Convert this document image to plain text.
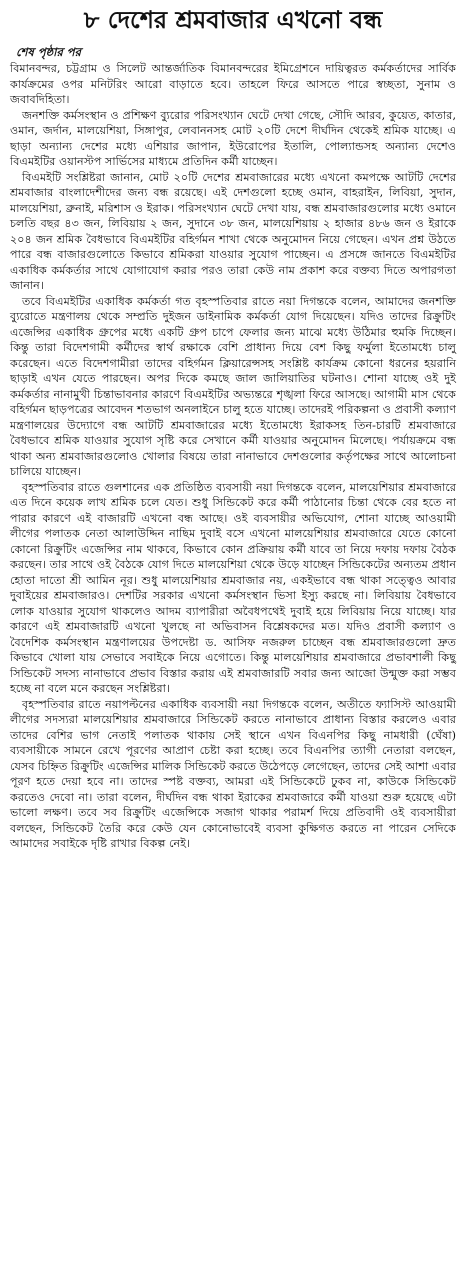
৮ দেশের শ্রমবাজার এখনো বন্ধ
শেষ পৃষ্ঠার পর

বিমানবন্দর, চট্টগ্রাম ও সিলেট আন্তর্জাতিক বিমানবন্দরের ইমিগ্রেশনে দায়িত্বরত কর্মকর্তাদের সার্বিক কার্যক্রমের ওপর মনিটরিং আরো বাড়াতে হবে। তাহলে ফিরে আসতে পারে স্বচ্ছতা, সুনাম ও জবাবদিহিতা।

জনশক্তি কর্মসংস্থান ও প্রশিক্ষণ ব্যুরোর পরিসংখ্যান ঘেটে দেখা গেছে, সৌদি আরব, কুয়েত, কাতার, ওমান, জর্দান, মালয়েশিয়া, সিঙ্গাপুর, লেবাননসহ মোট ২০টি দেশে দীর্ঘদিন থেকেই শ্রমিক যাচ্ছে। এ ছাড়া অন্যান্য দেশের মধ্যে এশিয়ার জাপান, ইউরোপের ইতালি, পোল্যান্ডসহ অন্যান্য দেশেও বিএমইটির ওয়ানস্টপ সার্ভিসের মাধ্যমে প্রতিদিন কর্মী যাচ্ছেন।

বিএমইটি সংশ্লিষ্টরা জানান, মোট ২০টি দেশের শ্রমবাজারের মধ্যে এখনো কমপক্ষে আটটি দেশের শ্রমবাজার বাংলাদেশীদের জন্য বন্ধ রয়েছে। এই দেশগুলো হচ্ছে ওমান, বাহরাইন, লিবিয়া, সুদান, মালয়েশিয়া, ব্রুনাই, মরিশাস ও ইরাক। পরিসংখ্যান ঘেটে দেখা যায়, বন্ধ শ্রমবাজারগুলোর মধ্যে ওমানে চলতি বছর ৪৩ জন, লিবিয়ায় ২ জন, সুদানে ৩৮ জন, মালয়েশিয়ায় ২ হাজার ৪৮৬ জন ও ইরাকে ২০৪ জন শ্রমিক বৈধভাবে বিএমইটির বহির্গমন শাখা থেকে অনুমোদন নিয়ে গেছেন। এখন প্রশ্ন উঠতে পারে বন্ধ বাজারগুলোতে কিভাবে শ্রমিকরা যাওয়ার সুযোগ পাচ্ছেন। এ প্রসঙ্গে জানতে বিএমইটির একাধিক কর্মকর্তার সাথে যোগাযোগ করার পরও তারা কেউ নাম প্রকাশ করে বক্তব্য দিতে অপারগতা জানান।

তবে বিএমইটির একাধিক কর্মকর্তা গত বৃহস্পতিবার রাতে নয়া দিগন্তকে বলেন, আমাদের জনশক্তি ব্যুরোতে মন্ত্রণালয় থেকে সম্প্রতি দুইজন ডাইনামিক কর্মকর্তা যোগ দিয়েছেন। যদিও তাদের রিক্রুটিং এজেন্সির একাধিক গ্রুপের মধ্যে একটি গ্রুপ চাপে ফেলার জন্য মাঝে মধ্যে উঠিমার হুমকি দিচ্ছেন। কিন্তু তারা বিদেশগামী কর্মীদের স্বার্থ রক্ষাকে বেশি প্রাধান্য দিয়ে বেশ কিছু ফর্মুলা ইতোমধ্যে চালু করেছেন। এতে বিদেশগামীরা তাদের বহির্গমন ক্লিয়ারেন্সসহ সংশ্লিষ্ট কার্যক্রম কোনো ধরনের হয়রানি ছাড়াই এখন যেতে পারছেন। অপর দিকে কমছে জাল জালিয়াতির ঘটনাও। শোনা যাচ্ছে ওই দুই কর্মকর্তার নানামুখী চিন্তাভাবনার কারণে বিএমইটির অভ্যন্তরে শৃঙ্খলা ফিরে আসছে। আগামী মাস থেকে বহির্গমন ছাড়পত্রের আবেদন শতভাগ অনলাইনে চালু হতে যাচ্ছে। তাদেরই পরিকল্পনা ও প্রবাসী কল্যাণ মন্ত্রণালয়ের উদ্যোগে বন্ধ আটটি শ্রমবাজারের মধ্যে ইতোমধ্যে ইরাকসহ তিন-চারটি শ্রমবাজারে বৈধভাবে শ্রমিক যাওয়ার সুযোগ সৃষ্টি করে সেখানে কর্মী যাওয়ার অনুমোদন মিলেছে। পর্যায়ক্রমে বন্ধ থাকা অন্য শ্রমবাজারগুলোও খোলার বিষয়ে তারা নানাভাবে দেশগুলোর কর্তৃপক্ষের সাথে আলোচনা চালিয়ে যাচ্ছেন।

বৃহস্পতিবার রাতে গুলশানের এক প্রতিষ্ঠিত ব্যবসায়ী নয়া দিগন্তকে বলেন, মালয়েশিয়ার শ্রমবাজারে এত দিনে কয়েক লাখ শ্রমিক চলে যেত। শুধু সিন্ডিকেট করে কর্মী পাঠানোর চিন্তা থেকে বের হতে না পারার কারণে এই বাজারটি এখনো বন্ধ আছে। ওই ব্যবসায়ীর অভিযোগ, শোনা যাচ্ছে আওয়ামী লীগের পলাতক নেতা আলাউদ্দিন নাছিম দুবাই বসে এখনো মালয়েশিয়ার শ্রমবাজারে যেতে কোনো কোনো রিক্রুটিং এজেন্সির নাম থাকবে, কিভাবে কোন প্রক্রিয়ায় কর্মী যাবে তা নিয়ে দফায় দফায় বৈঠক করছেন। তার সাথে ওই বৈঠকে যোগ দিতে মালয়েশিয়া থেকে উড়ে যাচ্ছেন সিন্ডিকেটের অন্যতম প্রধান হোতা দাতো শ্রী আমিন নূর। শুধু মালয়েশিয়ার শ্রমবাজার নয়, একইভাবে বন্ধ থাকা সত্ত্বেও আবার দুবাইয়ের শ্রমবাজারও। দেশটির সরকার এখনো কর্মসংস্থান ভিসা ইস্যু করছে না। লিবিয়ায় বৈধভাবে লোক যাওয়ার সুযোগ থাকলেও আদম ব্যাপারীরা অবৈধপথেই দুবাই হয়ে লিবিয়ায় নিয়ে যাচ্ছে। যার কারণে এই শ্রমবাজারটি এখনো খুলছে না অভিবাসন বিশ্লেষকদের মত। যদিও প্রবাসী কল্যাণ ও বৈদেশিক কর্মসংস্থান মন্ত্রণালয়ের উপদেষ্টা ড. আসিফ নজরুল চাচ্ছেন বন্ধ শ্রমবাজারগুলো দ্রুত কিভাবে খোলা যায় সেভাবে সবাইকে নিয়ে এগোতে। কিন্তু মালয়েশিয়ার শ্রমবাজারে প্রভাবশালী কিছু সিন্ডিকেট সদস্য নানাভাবে প্রভাব বিস্তার করায় এই শ্রমবাজারটি সবার জন্য আজো উন্মুক্ত করা সম্ভব হচ্ছে না বলে মনে করছেন সংশ্লিষ্টরা।

বৃহস্পতিবার রাতে নয়াপল্টনের একাধিক ব্যবসায়ী নয়া দিগন্তকে বলেন, অতীতে ফ্যাসিস্ট আওয়ামী লীগের সদস্যরা মালয়েশিয়ার শ্রমবাজারে সিন্ডিকেট করতে নানাভাবে প্রাধান্য বিস্তার করলেও এবার তাদের বেশির ভাগ নেতাই পলাতক থাকায় সেই স্থানে এখন বিএনপির কিছু নামধারী (ঘেঁষা) ব্যবসায়ীকে সামনে রেখে পূরণের আপ্রাণ চেষ্টা করা হচ্ছে। তবে বিএনপির ত্যাগী নেতারা বলছেন, যেসব চিহ্নিত রিক্রুটিং এজেন্সির মালিক সিন্ডিকেট করতে উঠেপড়ে লেগেছেন, তাদের সেই আশা এবার পূরণ হতে দেয়া হবে না। তাদের স্পষ্ট বক্তব্য, আমরা এই সিন্ডিকেটে ঢুকব না, কাউকে সিন্ডিকেট করতেও দেবো না। তারা বলেন, দীর্ঘদিন বন্ধ থাকা ইরাকের শ্রমবাজারে কর্মী যাওয়া শুরু হয়েছে এটা ভালো লক্ষণ। তবে সব রিক্রুটিং এজেন্সিকে সজাগ থাকার পরামর্শ দিয়ে প্রতিবাদী ওই ব্যবসায়ীরা বলছেন, সিন্ডিকেট তৈরি করে কেউ যেন কোনোভাবেই ব্যবসা কুক্ষিগত করতে না পারেন সেদিকে আমাদের সবাইকে দৃষ্টি রাখার বিকল্প নেই।
